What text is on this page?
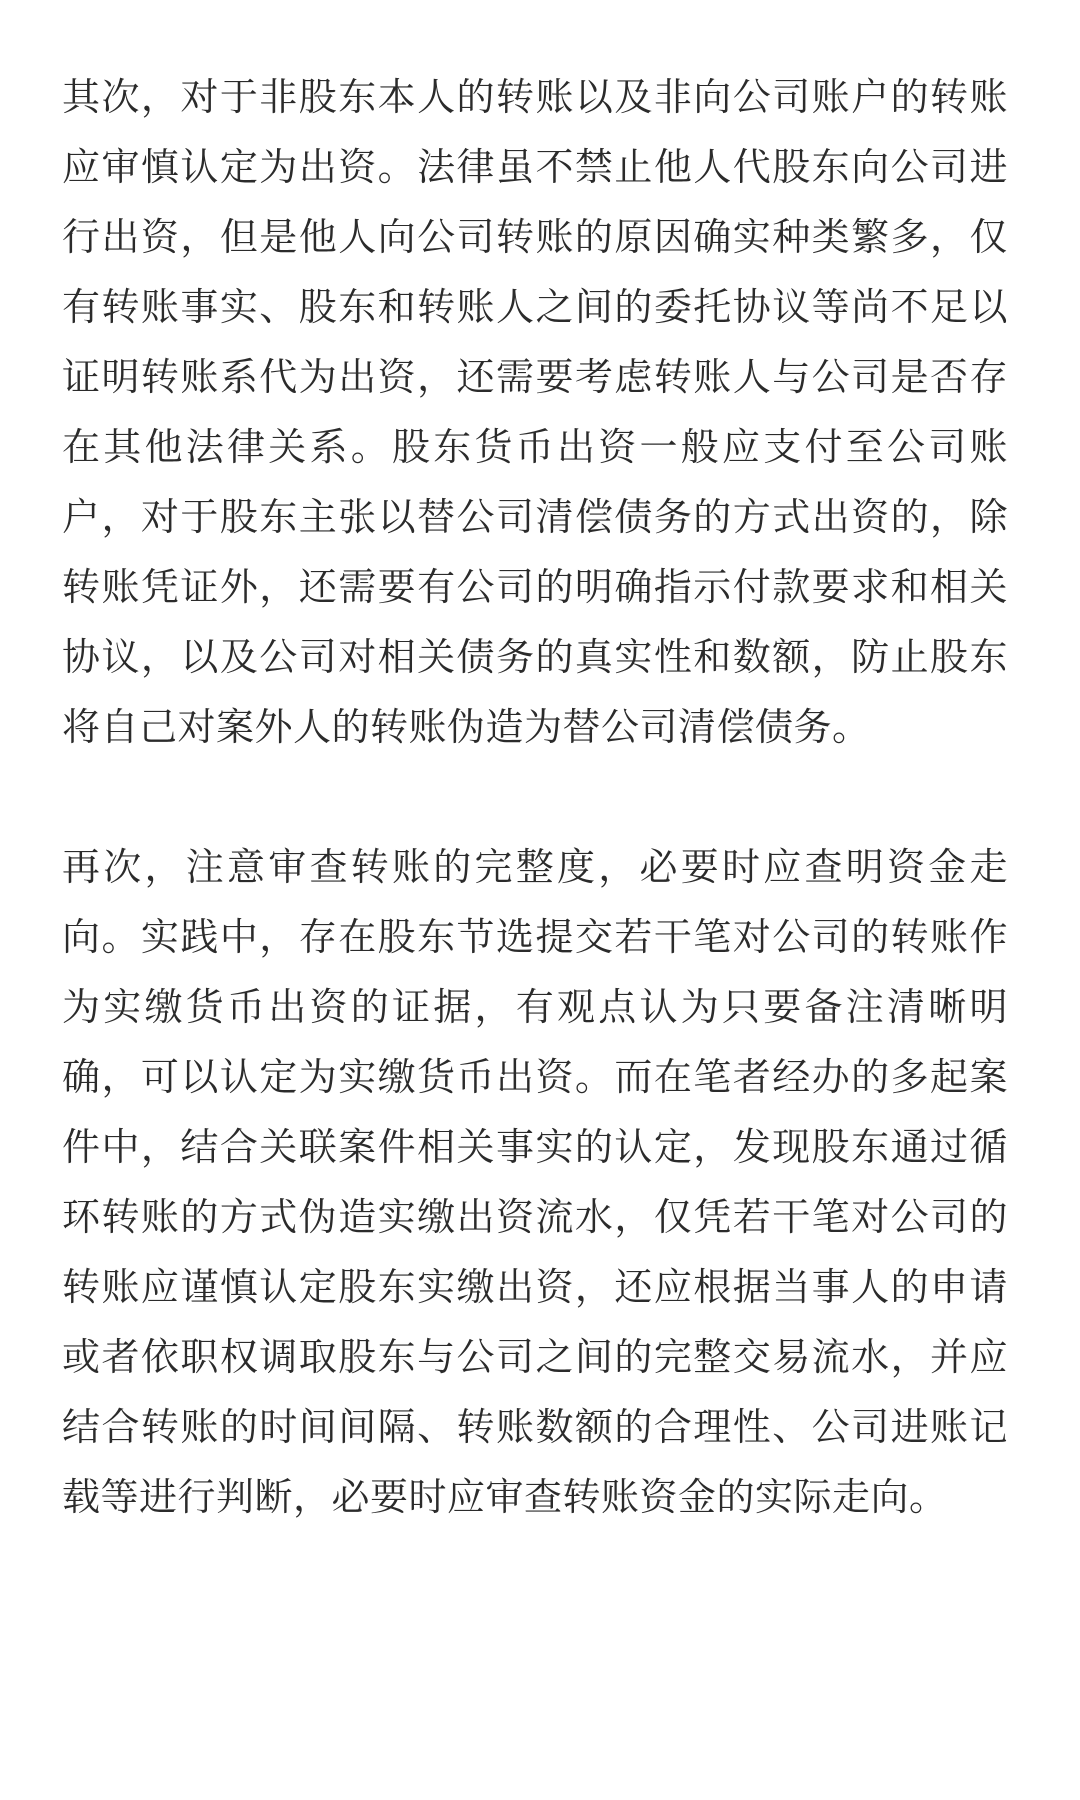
其次，对于非股东本人的转账以及非向公司账户的转账应审慎认定为出资。法律虽不禁止他人代股东向公司进行出资，但是他人向公司转账的原因确实种类繁多，仅有转账事实、股东和转账人之间的委托协议等尚不足以证明转账系代为出资，还需要考虑转账人与公司是否存在其他法律关系。股东货币出资一般应支付至公司账户，对于股东主张以替公司清偿债务的方式出资的，除转账凭证外，还需要有公司的明确指示付款要求和相关协议，以及公司对相关债务的真实性和数额，防止股东将自己对案外人的转账伪造为替公司清偿债务。

再次，注意审查转账的完整度，必要时应查明资金走向。实践中，存在股东节选提交若干笔对公司的转账作为实缴货币出资的证据，有观点认为只要备注清晰明确，可以认定为实缴货币出资。而在笔者经办的多起案件中，结合关联案件相关事实的认定，发现股东通过循环转账的方式伪造实缴出资流水，仅凭若干笔对公司的转账应谨慎认定股东实缴出资，还应根据当事人的申请或者依职权调取股东与公司之间的完整交易流水，并应结合转账的时间间隔、转账数额的合理性、公司进账记载等进行判断，必要时应审查转账资金的实际走向。
